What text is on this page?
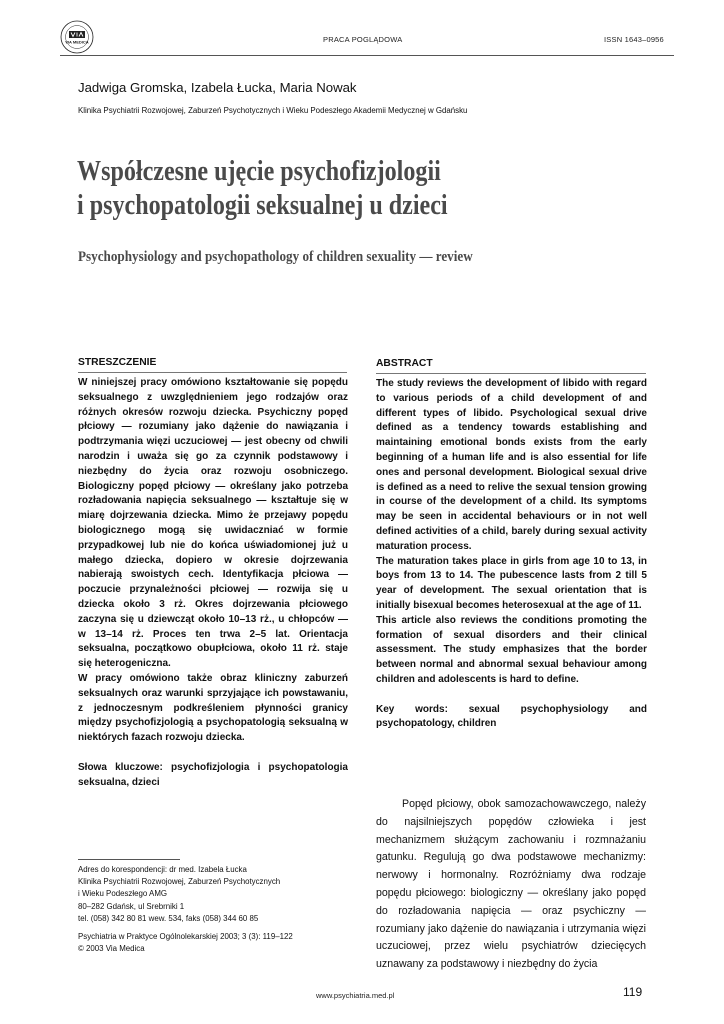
VIA MEDICA	PRACA POGLĄDOWA	ISSN 1643–0956
Jadwiga Gromska, Izabela Łucka, Maria Nowak
Klinika Psychiatrii Rozwojowej, Zaburzeń Psychotycznych i Wieku Podeszłego Akademii Medycznej w Gdańsku
Współczesne ujęcie psychofizjologii
i psychopatologii seksualnej u dzieci
Psychophysiology and psychopathology of children sexuality — review
STRESZCZENIE

W niniejszej pracy omówiono kształtowanie się popędu seksualnego z uwzględnieniem jego rodzajów oraz różnych okresów rozwoju dziecka. Psychiczny popęd płciowy — rozumiany jako dążenie do nawiązania i podtrzymania więzi uczuciowej — jest obecny od chwili narodzin i uważa się go za czynnik podstawowy i niezbędny do życia oraz rozwoju osobniczego. Biologiczny popęd płciowy — określany jako potrzeba rozładowania napięcia seksualnego — kształtuje się w miarę dojrzewania dziecka. Mimo że przejawy popędu biologicznego mogą się uwidaczniać w formie przypadkowej lub nie do końca uświadomionej już u małego dziecka, dopiero w okresie dojrzewania nabierają swoistych cech. Identyfikacja płciowa — poczucie przynależności płciowej — rozwija się u dziecka około 3 rż. Okres dojrzewania płciowego zaczyna się u dziewcząt około 10–13 rż., u chłopców — w 13–14 rż. Proces ten trwa 2–5 lat. Orientacja seksualna, początkowo obupłciowa, około 11 rż. staje się heterogeniczna.

W pracy omówiono także obraz kliniczny zaburzeń seksualnych oraz warunki sprzyjające ich powstawaniu, z jednoczesnym podkreśleniem płynności granicy między psychofizjologią a psychopatologią seksualną w niektórych fazach rozwoju dziecka.

Słowa kluczowe: psychofizjologia i psychopatologia seksualna, dzieci

ABSTRACT

The study reviews the development of libido with regard to various periods of a child development of and different types of libido. Psychological sexual drive defined as a tendency towards establishing and maintaining emotional bonds exists from the early beginning of a human life and is also essential for life ones and personal development. Biological sexual drive is defined as a need to relive the sexual tension growing in course of the development of a child. Its symptoms may be seen in accidental behaviours or in not well defined activities of a child, barely during sexual activity maturation process.

The maturation takes place in girls from age 10 to 13, in boys from 13 to 14. The pubescence lasts from 2 till 5 year of development. The sexual orientation that is initially bisexual becomes heterosexual at the age of 11.

This article also reviews the conditions promoting the formation of sexual disorders and their clinical assessment. The study emphasizes that the border between normal and abnormal sexual behaviour among children and adolescents is hard to define.

Key words: sexual psychophysiology and psychopatology, children

Popęd płciowy, obok samozachowawczego, należy do najsilniejszych popędów człowieka i jest mechanizmem służącym zachowaniu i rozmnażaniu gatunku. Regulują go dwa podstawowe mechanizmy: nerwowy i hormonalny. Rozróżniamy dwa rodzaje popędu płciowego: biologiczny — określany jako popęd do rozładowania napięcia — oraz psychiczny — rozumiany jako dążenie do nawiązania i utrzymania więzi uczuciowej, przez wielu psychiatrów dziecięcych uznawany za podstawowy i niezbędny do życia

Adres do korespondencji: dr med. Izabela Łucka
Klinika Psychiatrii Rozwojowej, Zaburzeń Psychotycznych
i Wieku Podeszłego AMG
80–282 Gdańsk, ul Srebrniki 1
tel. (058) 342 80 81 wew. 534, faks (058) 344 60 85
Psychiatria w Praktyce Ogólnolekarskiej 2003; 3 (3): 119–122
© 2003 Via Medica
www.psychiatria.med.pl	119
